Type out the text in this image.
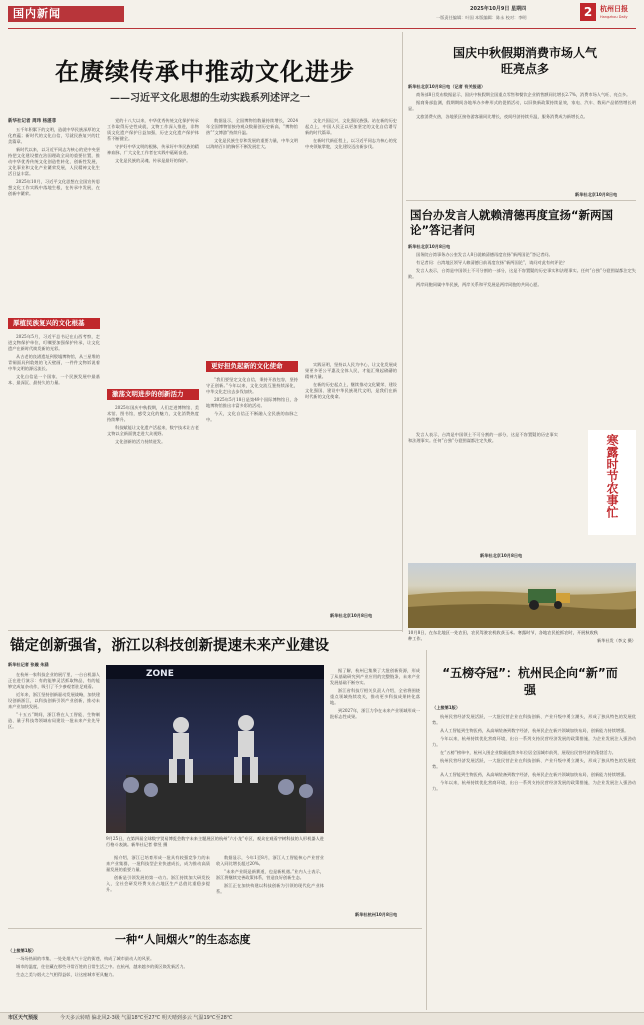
国内新闻	2025年10月9日 星期四
一版责任编辑：叶国 本版编辑：陈永 校对：李明	2	杭州日报
Hangzhou Daily
在赓续传承中推动文化进步
——习近平文化思想的生动实践系列述评之一
新华社记者 周玮 杨湛菲

五千年积累下的文明，造就中华民族深厚的文化底蕴；新时代的文化自信，写就民族复兴的壮美篇章。

新时代以来，以习近平同志为核心的党中央坚持把文化建设摆在治国理政全局的重要位置，推动中华优秀传统文化创造性转化、创新性发展，文化事业和文化产业繁荣发展，人民精神文化生活日益丰富。

2025年10月，习近平文化思想在全国宣传思想文化工作实践中落地生根，在传承中发展，在创新中繁荣。

厚植民族复兴的文化根基

2025年5月，习近平总书记在山西考察，走进文物保护单位，叮嘱要加强保护传承，让文化遗产在新时代焕发新的光彩。

从古老的良渚遗址到殷墟博物馆，从三星堆的青铜面具到敦煌的飞天壁画，一件件文物诉说着中华文明的源远流长。

文化自信是一个国家、一个民族发展中最基本、最深沉、最持久的力量。

党的十八大以来，中华优秀传统文化保护传承工作取得历史性成就，文物工作深入推进，非物质文化遗产保护日益加强，历史文化遗产保护体系不断健全。

守护好中华文明的根脉，传承好中华民族的精神血脉，广大文化工作者在实践中砥砺奋进。

文化是民族的灵魂，传承是最好的保护。

激荡文明进步的创新活力

2025年国庆中秋假期，人们走进博物馆、美术馆、图书馆，感受文化的魅力，文化消费热度持续攀升。

科技赋能让文化遗产活起来，数字技术让古老文物以全新面貌走进大众视野。

文化创新的活力持续迸发。

数据显示，全国博物馆数量持续增长，2024年全国博物馆接待观众数量创历史新高，“博物馆热”“文博游”持续升温。

文化是民族生存和发展的重要力量，中华文明以海纳百川的胸怀不断发展壮大。

更好担负起新的文化使命

“我们要坚定文化自信，秉持开放包容，坚持守正创新。”今年以来，文化交流互鉴持续深化，中华文化走出去步伐加快。

2025年5月18日是第49个国际博物馆日，各地博物馆推出丰富多彩的活动。

今天，文化自信正不断融入全民族的血脉之中。

文化兴国运兴，文化强民族强。站在新的历史起点上，中国人民正以更加坚定的文化自信谱写新的时代篇章。

在新时代新征程上，以习近平同志为核心的党中央领航掌舵，文化建设迈出新步伐。

实践证明，坚持以人民为中心，让文化发展成果更多更公平惠及全体人民，才能汇聚起磅礴的精神力量。

在新的历史起点上，继续推动文化繁荣、建设文化强国、建设中华民族现代文明，是我们在新时代新的文化使命。

新华社北京10月8日电
国庆中秋假期消费市场人气旺亮点多
新华社北京10月8日电（记者 有关报道）

商务部8日发布数据显示，国庆中秋假期全国重点零售和餐饮企业销售额同比增长2.7%，消费市场人气旺、亮点多。

据商务部监测，假期期间各地举办多种形式的促销活动，以旧换新政策持续显效，家电、汽车、数码产品销售增长明显。

文旅消费火热，各地景区接待游客量同比增长，夜间经济持续升温，服务消费成为新增长点。

新华社北京10月8日电
国台办发言人就赖清德再度宣扬“新两国论”答记者问
新华社北京10月8日电

国务院台湾事务办公室发言人8日就赖清德再度宣扬“新两国论”答记者问。

有记者问：台湾地区领导人赖清德日前再度宣扬“新两国论”，请问对此有何评论？

发言人表示，台湾是中国领土不可分割的一部分，这是不容置疑的历史事实和法理事实。任何“台独”分裂图谋都注定失败。

两岸同胞同属中华民族，两岸关系和平发展是两岸同胞的共同心愿。

发言人表示，台湾是中国领土不可分割的一部分，这是不容置疑的历史事实和法理事实。任何“台独”分裂图谋都注定失败。

新华社北京10月8日电
寒露时节农事忙
10月8日，在东北地区一处农田，农民驾驶农机收获玉米。寒露时节，各地农民抢抓农时，开展秋收秋种工作。	新华社发（李文 摄）
锚定创新强省，浙江以科技创新提速未来产业建设
新华社记者 张璇 朱涵

在杭州一家科技企业的展厅里，一台台机器人正在进行演示：有的能够灵活抓取物品，有的能够完成复杂动作，吸引了不少参观者驻足观看。

近年来，浙江坚持创新驱动发展战略，加快建设创新浙江，以科技创新引领产业创新，推动未来产业加快发展。

“十五五”期间，浙江将在人工智能、生物制造、量子科技等领域布局建设一批未来产业先导区。

ZONE
9月25日，在第四届全球数字贸易博览会数字未来主题展区的杭州“六小龙”专区，观众在观看宇树科技的人形机器人进行格斗表演。新华社记者 徐昱 摄

据介绍，浙江已培育形成一批具有较强竞争力的未来产业集群，一批科技型企业快速成长，成为推动高质量发展的重要力量。

创新是引领发展的第一动力。浙江持续加大研发投入，全社会研发经费支出占地区生产总值比重稳步提升。

数据显示，今年1至8月，浙江人工智能核心产业营业收入同比增长超过20%。

“未来产业既是新赛道，也是新机遇。”业内人士表示，浙江将继续完善政策体系，营造良好创新生态。

浙江正在加快构建以科技创新为引领的现代化产业体系。

据了解，杭州已集聚了大批创新资源，形成了从基础研究到产业应用的完整链条，未来产业发展基础不断夯实。

浙江省科技厅相关负责人介绍，全省将围绕重点领域持续攻关，推动更多科技成果转化落地。

到2027年，浙江力争在未来产业领域形成一批标志性成果。

新华社杭州10月8日电
“五榜夺冠”：杭州民企向“新”而强
（上接第1版）

杭州民营经济发展活跃，一大批民营企业在科技创新、产业升级中勇立潮头，形成了独具特色的发展优势。

从人工智能到生物医药，从高端装备到数字经济，杭州民企在新兴领域加快布局，创新能力持续增强。

今年以来，杭州持续优化营商环境，出台一系列支持民营经济发展的政策措施，为企业发展注入强劲动力。

在“五榜”榜单中，杭州入围企业数量连续多年位居全国城市前列，展现出民营经济的蓬勃活力。

杭州民营经济发展活跃，一大批民营企业在科技创新、产业升级中勇立潮头，形成了独具特色的发展优势。

从人工智能到生物医药，从高端装备到数字经济，杭州民企在新兴领域加快布局，创新能力持续增强。

今年以来，杭州持续优化营商环境，出台一系列支持民营经济发展的政策措施，为企业发展注入强劲动力。

一种“人间烟火”的生态态度
（上接第1版）

一场场热闹的市集、一处处烟火气十足的街巷，构成了城市最动人的风景。

城市的温度，往往藏在那些寻常百姓的日常生活之中。在杭州，越来越多的街区焕发新活力。

生态之美与烟火之气相得益彰，让这座城市更具魅力。

市区天气预报	今天多云转晴 偏北风2-3级 气温18℃至27℃ 明天晴到多云 气温19℃至28℃
